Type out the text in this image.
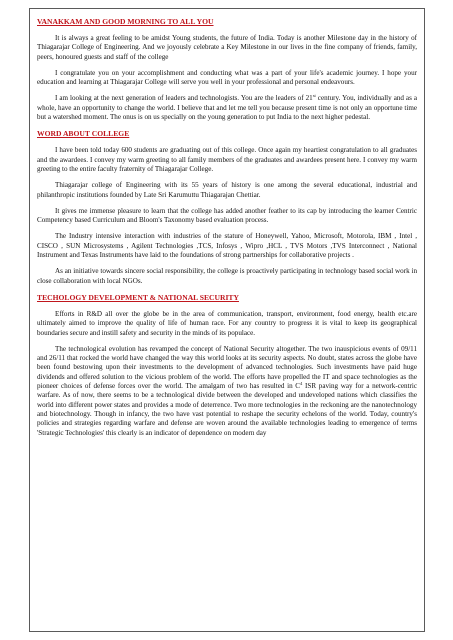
VANAKKAM AND GOOD MORNING TO ALL YOU
It is always a great feeling to be amidst Young students, the future of India. Today is another Milestone day in the history of Thiagarajar College of Engineering. And we joyously celebrate a Key Milestone in our lives in the fine company of friends, family, peers, honoured guests and staff of the college
I congratulate you on your accomplishment and conducting what was a part of your life's academic journey. I hope your education and learning at Thiagarajar College will serve you well in your professional and personal endeavours.
I am looking at the next generation of leaders and technologists. You are the leaders of 21st century. You, individually and as a whole, have an opportunity to change the world. I believe that and let me tell you because present time is not only an opportune time but a watershed moment. The onus is on us specially on the young generation to put India to the next higher pedestal.
WORD ABOUT COLLEGE
I have been told today 600 students are graduating out of this college. Once again my heartiest congratulation to all graduates and the awardees. I convey my warm greeting to all family members of the graduates and awardees present here. I convey my warm greeting to the entire faculty fraternity of Thiagarajar College.
Thiagarajar college of Engineering with its 55 years of history is one among the several educational, industrial and philanthropic institutions founded by Late Sri Karumuttu Thiagarajan Chettiar.
It gives me immense pleasure to learn that the college has added another feather to its cap by introducing the learner Centric Competency based Curriculum and Bloom's Taxonomy based evaluation process.
The Industry intensive interaction with industries of the stature of Honeywell, Yahoo, Microsoft, Motorola, IBM , Intel , CISCO , SUN Microsystems , Agilent Technologies ,TCS, Infosys , Wipro ,HCL , TVS Motors ,TVS Interconnect , National Instrument and Texas Instruments have laid to the foundations of strong partnerships for collaborative projects .
As an initiative towards sincere social responsibility, the college is proactively participating in technology based social work in close collaboration with local NGOs.
TECHOLOGY DEVELOPMENT & NATIONAL SECURITY
Efforts in R&D all over the globe be in the area of communication, transport, environment, food energy, health etc.are ultimately aimed to improve the quality of life of human race. For any country to progress it is vital to keep its geographical boundaries secure and instill safety and security in the minds of its populace.
The technological evolution has revamped the concept of National Security altogether. The two inauspicious events of 09/11 and 26/11 that rocked the world have changed the way this world looks at its security aspects. No doubt, states across the globe have been found bestowing upon their investments to the development of advanced technologies. Such investments have paid huge dividends and offered solution to the vicious problem of the world. The efforts have propelled the IT and space technologies as the pioneer choices of defense forces over the world. The amalgam of two has resulted in $C^4$ ISR paving way for a network-centric warfare. As of now, there seems to be a technological divide between the developed and undeveloped nations which classifies the world into different power states and provides a mode of deterrence. Two more technologies in the reckoning are the nanotechnology and biotechnology. Though in infancy, the two have vast potential to reshape the security echelons of the world. Today, country's policies and strategies regarding warfare and defense are woven around the available technologies leading to emergence of terms 'Strategic Technologies' this clearly is an indicator of dependence on modern day
